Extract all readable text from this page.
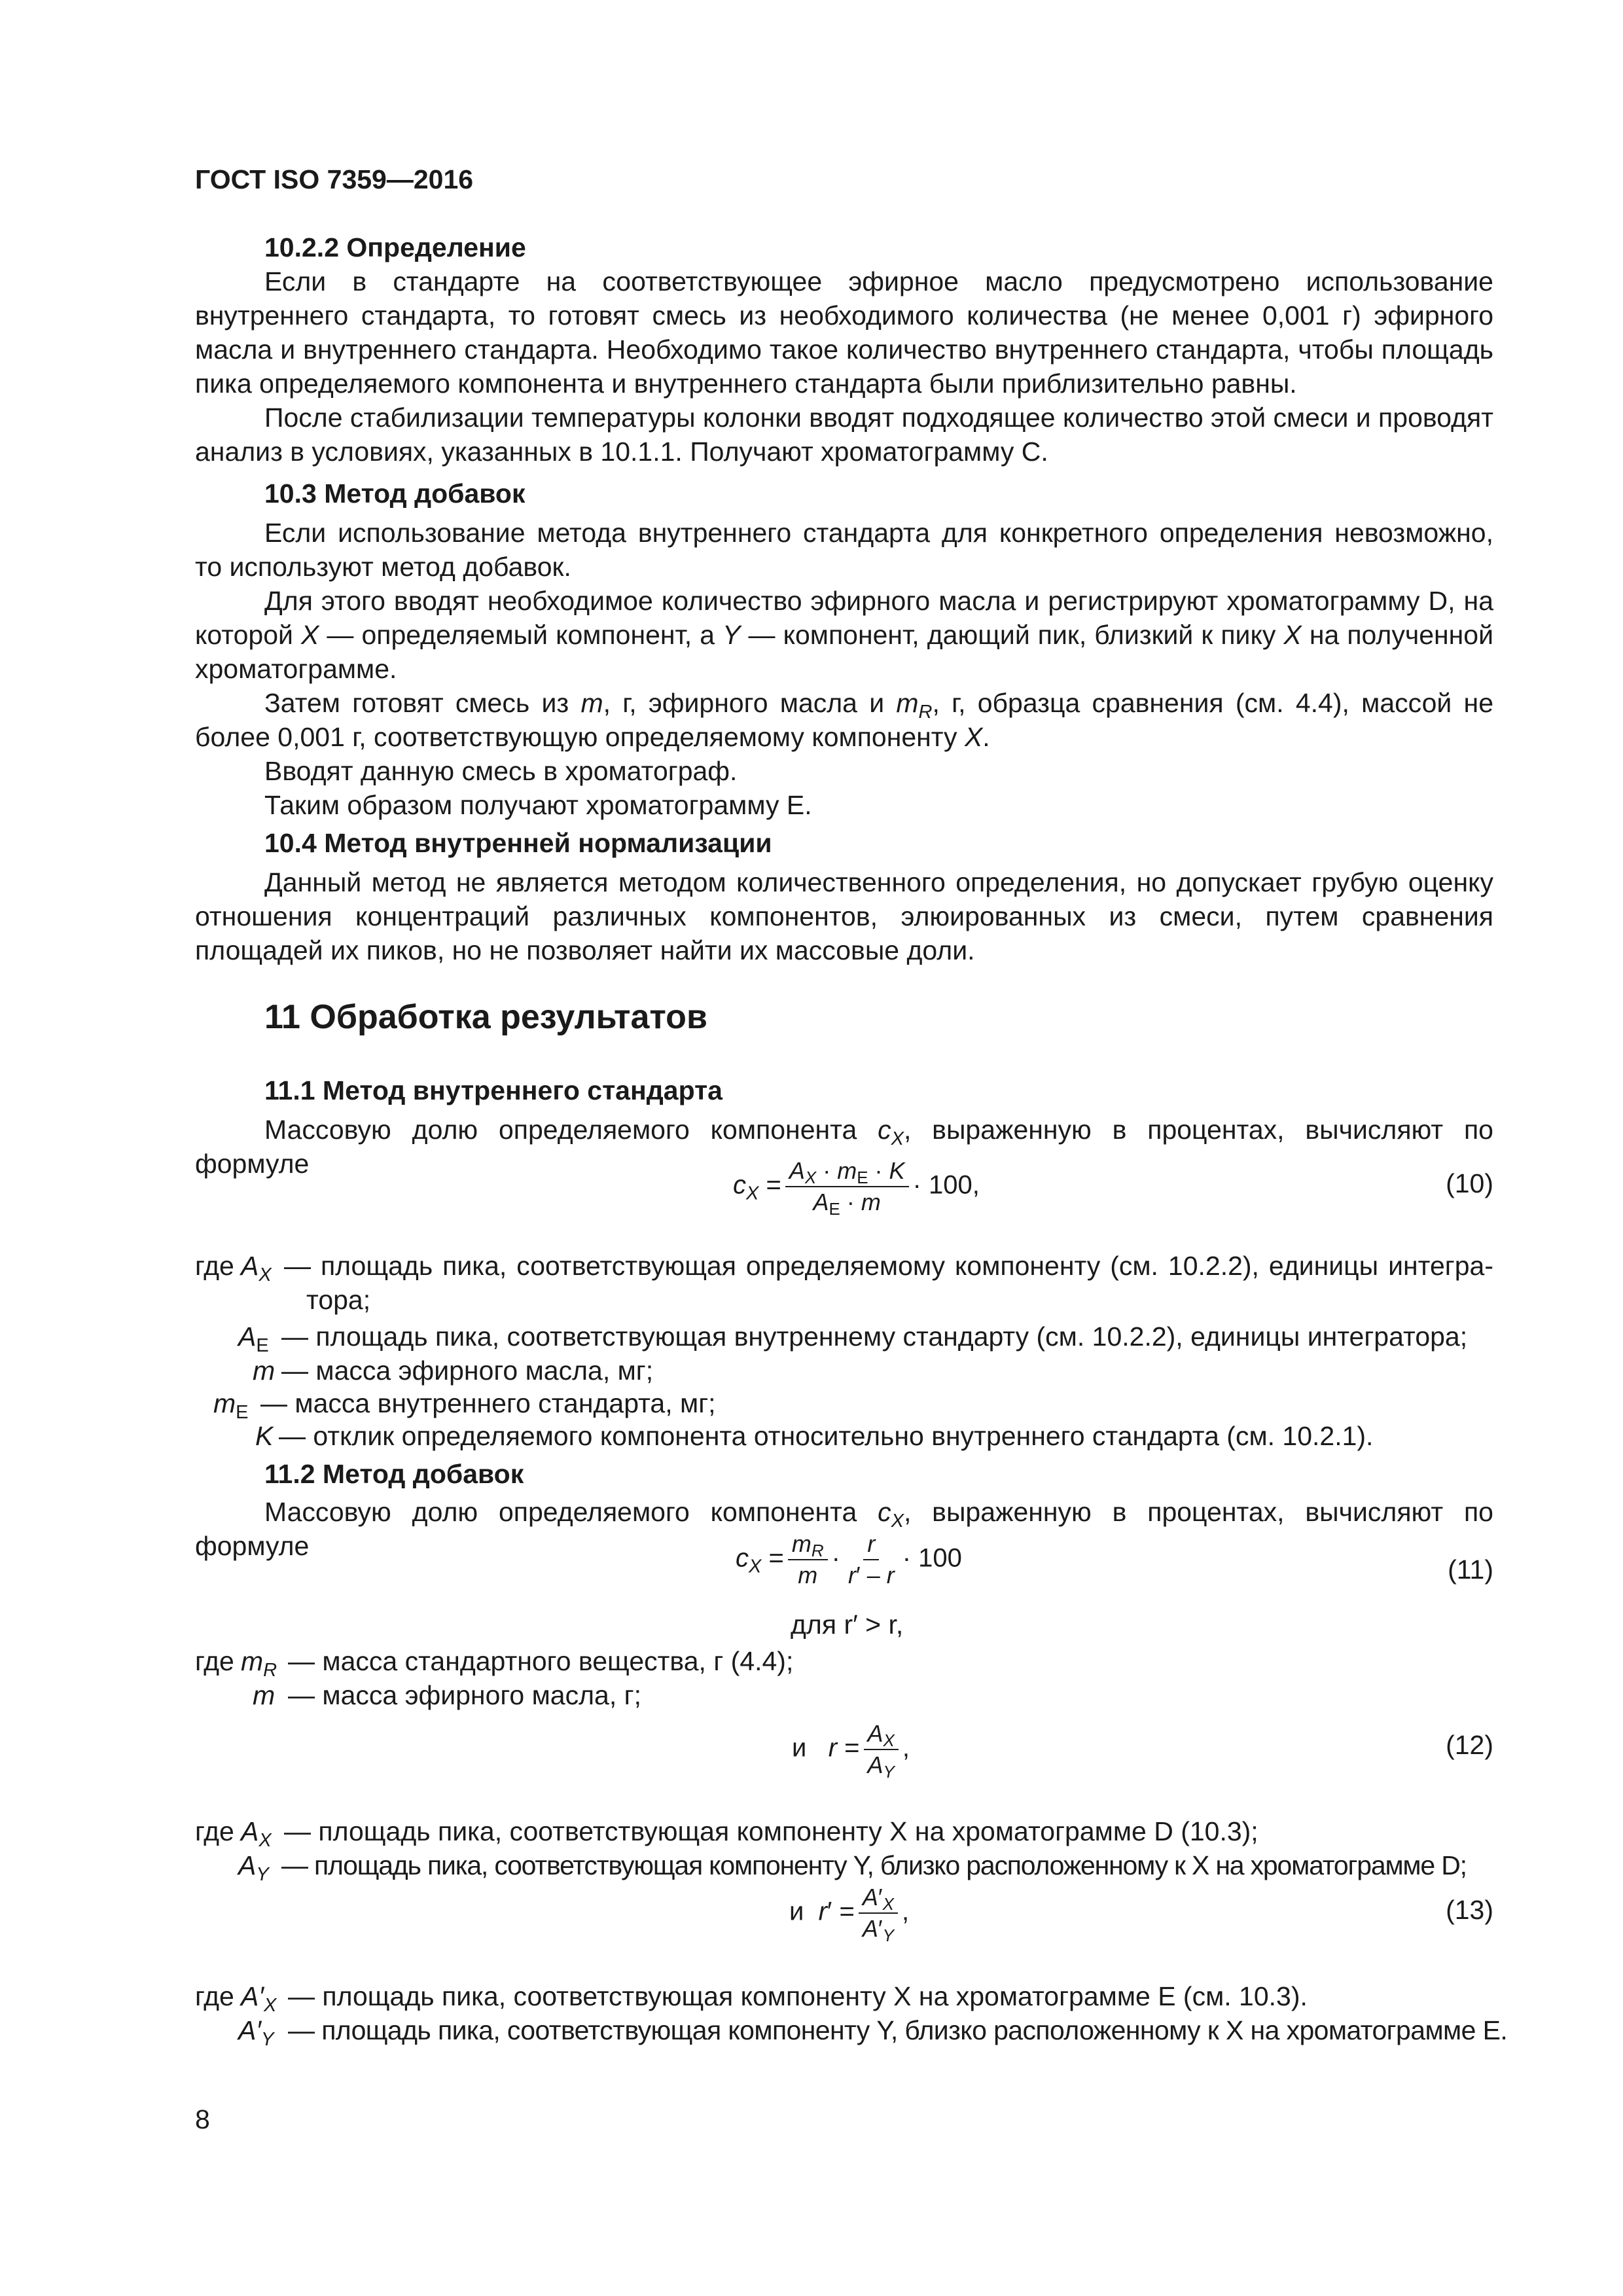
ГОСТ ISO 7359—2016
10.2.2 Определение
Если в стандарте на соответствующее эфирное масло предусмотрено использование внутреннего стандарта, то готовят смесь из необходимого количества (не менее 0,001 г) эфирного масла и внутреннего стандарта. Необходимо такое количество внутреннего стандарта, чтобы площадь пика определяемого компонента и внутреннего стандарта были приблизительно равны.
После стабилизации температуры колонки вводят подходящее количество этой смеси и проводят анализ в условиях, указанных в 10.1.1. Получают хроматограмму С.
10.3 Метод добавок
Если использование метода внутреннего стандарта для конкретного определения невозможно, то используют метод добавок.
Для этого вводят необходимое количество эфирного масла и регистрируют хроматограмму D, на которой X — определяемый компонент, а Y — компонент, дающий пик, близкий к пику X на полученной хроматограмме.
Затем готовят смесь из m, г, эфирного масла и $m_R$, г, образца сравнения (см. 4.4), массой не более 0,001 г, соответствующую определяемому компоненту X.
Вводят данную смесь в хроматограф.
Таким образом получают хроматограмму Е.
10.4 Метод внутренней нормализации
Данный метод не является методом количественного определения, но допускает грубую оценку отношения концентраций различных компонентов, элюированных из смеси, путем сравнения площадей их пиков, но не позволяет найти их массовые доли.
11 Обработка результатов
11.1 Метод внутреннего стандарта
Массовую долю определяемого компонента $c_X$, выраженную в процентах, вычисляют по формуле
$c_X = \frac{A_X \cdot m_E \cdot K}{A_E \cdot m} \cdot 100$,	(10)
где $A_X$ — площадь пика, соответствующая определяемому компоненту (см. 10.2.2), единицы интегра-
тора;
$A_E$ — площадь пика, соответствующая внутреннему стандарту (см. 10.2.2), единицы интегратора;
m — масса эфирного масла, мг;
$m_E$ — масса внутреннего стандарта, мг;
K — отклик определяемого компонента относительно внутреннего стандарта (см. 10.2.1).
11.2 Метод добавок
Массовую долю определяемого компонента $c_X$, выраженную в процентах, вычисляют по формуле	$c_X = \frac{m_R}{m} \cdot \frac{r}{r' - r} \cdot 100$	(11)
для r′ > r,
где $m_R$ — масса стандартного вещества, г (4.4);
m — масса эфирного масла, г;
и $r = \frac{A_X}{A_Y}$ ,	(12)
где $A_X$ — площадь пика, соответствующая компоненту X на хроматограмме D (10.3);
$A_Y$ — площадь пика, соответствующая компоненту Y, близко расположенному к X на хроматограмме D;
и $r' = \frac{A'_X}{A'_Y}$ ,	(13)
где $A'_X$ — площадь пика, соответствующая компоненту X на хроматограмме Е (см. 10.3).
$A'_Y$ — площадь пика, соответствующая компоненту Y, близко расположенному к X на хроматограмме Е.
8
